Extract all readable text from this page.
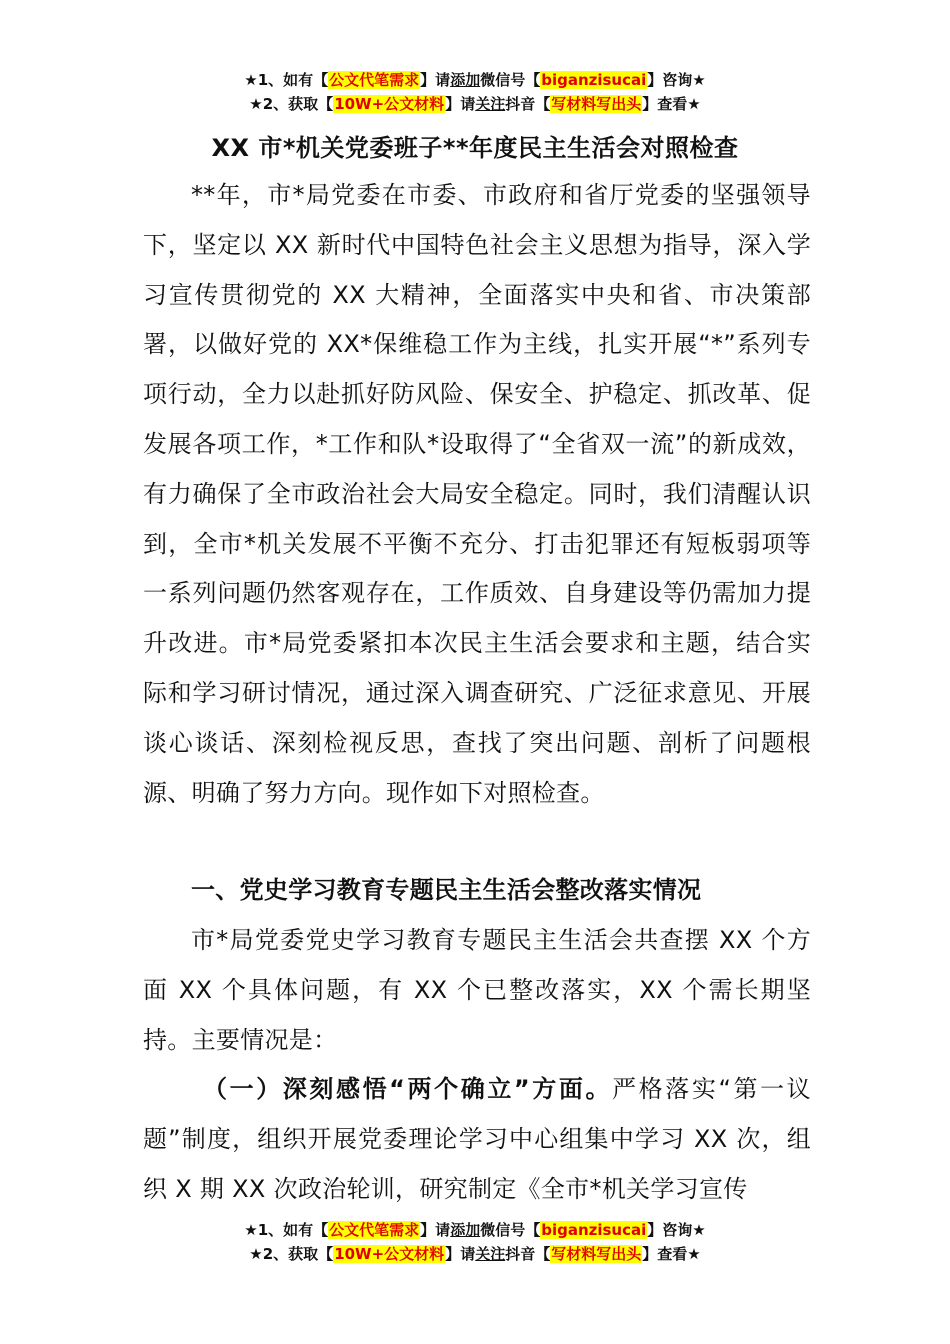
★1、如有【公文代笔需求】请添加微信号【biganzisucai】咨询★
★2、获取【10W+公文材料】请关注抖音【写材料写出头】查看★
XX 市*机关党委班子**年度民主生活会对照检查
**年，市*局党委在市委、市政府和省厅党委的坚强领导下，坚定以 XX 新时代中国特色社会主义思想为指导，深入学习宣传贯彻党的 XX 大精神，全面落实中央和省、市决策部署，以做好党的 XX*保维稳工作为主线，扎实开展“*”系列专项行动，全力以赴抓好防风险、保安全、护稳定、抓改革、促发展各项工作，*工作和队*设取得了“全省双一流”的新成效，有力确保了全市政治社会大局安全稳定。同时，我们清醒认识到，全市*机关发展不平衡不充分、打击犯罪还有短板弱项等一系列问题仍然客观存在，工作质效、自身建设等仍需加力提升改进。市*局党委紧扣本次民主生活会要求和主题，结合实际和学习研讨情况，通过深入调查研究、广泛征求意见、开展谈心谈话、深刻检视反思，查找了突出问题、剖析了问题根源、明确了努力方向。现作如下对照检查。
一、党史学习教育专题民主生活会整改落实情况
市*局党委党史学习教育专题民主生活会共查摆 XX 个方面 XX 个具体问题，有 XX 个已整改落实，XX 个需长期坚持。主要情况是：
（一）深刻感悟“两个确立”方面。严格落实“第一议题”制度，组织开展党委理论学习中心组集中学习 XX 次，组织 X 期 XX 次政治轮训，研究制定《全市*机关学习宣传
★1、如有【公文代笔需求】请添加微信号【biganzisucai】咨询★
★2、获取【10W+公文材料】请关注抖音【写材料写出头】查看★
